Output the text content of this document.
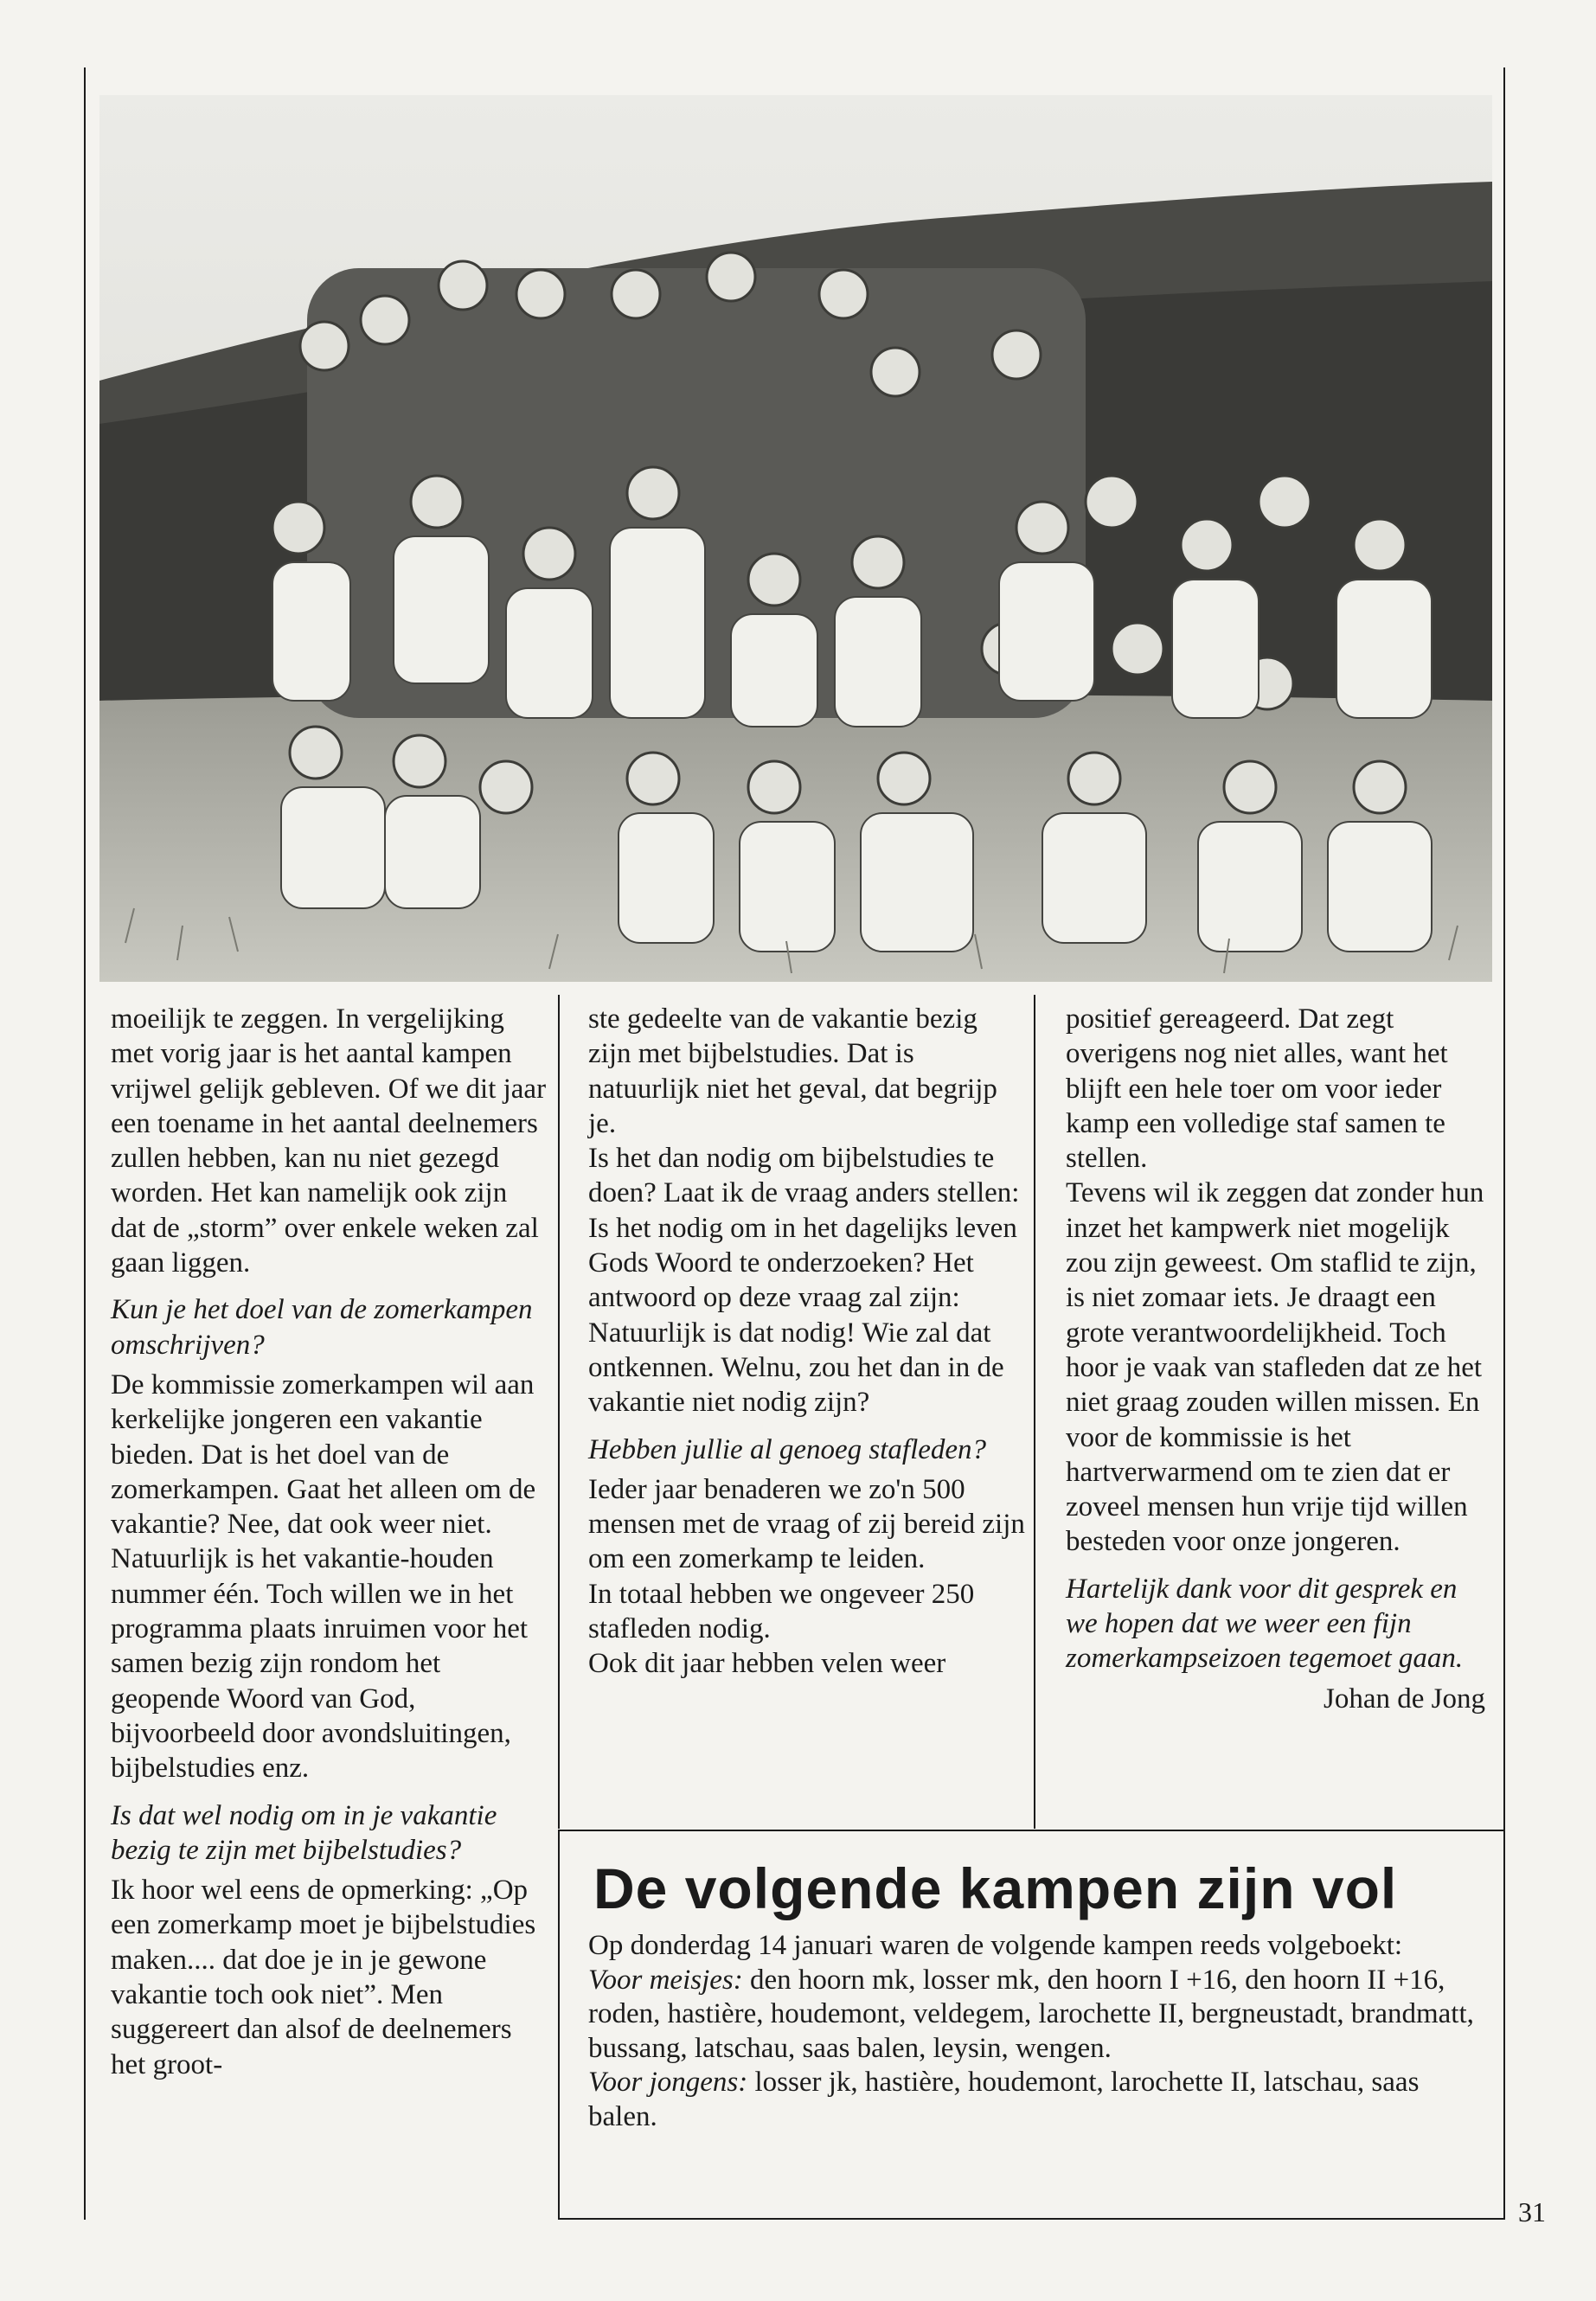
moeilijk te zeggen. In vergelijking met vorig jaar is het aantal kampen vrijwel gelijk gebleven. Of we dit jaar een toename in het aantal deelnemers zullen hebben, kan nu niet gezegd worden. Het kan namelijk ook zijn dat de „storm” over enkele weken zal gaan liggen.

Kun je het doel van de zomerkampen omschrijven?

De kommissie zomerkampen wil aan kerkelijke jongeren een vakantie bieden. Dat is het doel van de zomerkampen. Gaat het alleen om de vakantie? Nee, dat ook weer niet. Natuurlijk is het vakantie-houden nummer één. Toch willen we in het programma plaats inruimen voor het samen bezig zijn rondom het geopende Woord van God, bijvoorbeeld door avondsluitingen, bijbelstudies enz.

Is dat wel nodig om in je vakantie bezig te zijn met bijbelstudies?

Ik hoor wel eens de opmerking: „Op een zomerkamp moet je bijbelstudies maken.... dat doe je in je gewone vakantie toch ook niet”. Men suggereert dan alsof de deelnemers het groot-

ste gedeelte van de vakantie bezig zijn met bijbelstudies. Dat is natuurlijk niet het geval, dat begrijp je.

Is het dan nodig om bijbelstudies te doen? Laat ik de vraag anders stellen: Is het nodig om in het dagelijks leven Gods Woord te onderzoeken? Het antwoord op deze vraag zal zijn: Natuurlijk is dat nodig! Wie zal dat ontkennen. Welnu, zou het dan in de vakantie niet nodig zijn?

Hebben jullie al genoeg stafleden?

Ieder jaar benaderen we zo'n 500 mensen met de vraag of zij bereid zijn om een zomerkamp te leiden.

In totaal hebben we ongeveer 250 stafleden nodig.

Ook dit jaar hebben velen weer

positief gereageerd. Dat zegt overigens nog niet alles, want het blijft een hele toer om voor ieder kamp een volledige staf samen te stellen.

Tevens wil ik zeggen dat zonder hun inzet het kampwerk niet mogelijk zou zijn geweest. Om staflid te zijn, is niet zomaar iets. Je draagt een grote verantwoordelijkheid. Toch hoor je vaak van stafleden dat ze het niet graag zouden willen missen. En voor de kommissie is het hartverwarmend om te zien dat er zoveel mensen hun vrije tijd willen besteden voor onze jongeren.

Hartelijk dank voor dit gesprek en we hopen dat we weer een fijn zomerkampseizoen tegemoet gaan.

Johan de Jong

De volgende kampen zijn vol

Op donderdag 14 januari waren de volgende kampen reeds volgeboekt:

Voor meisjes: den hoorn mk, losser mk, den hoorn I +16, den hoorn II +16, roden, hastière, houdemont, veldegem, larochette II, bergneustadt, brandmatt, bussang, latschau, saas balen, leysin, wengen.

Voor jongens: losser jk, hastière, houdemont, larochette II, latschau, saas balen.

31
